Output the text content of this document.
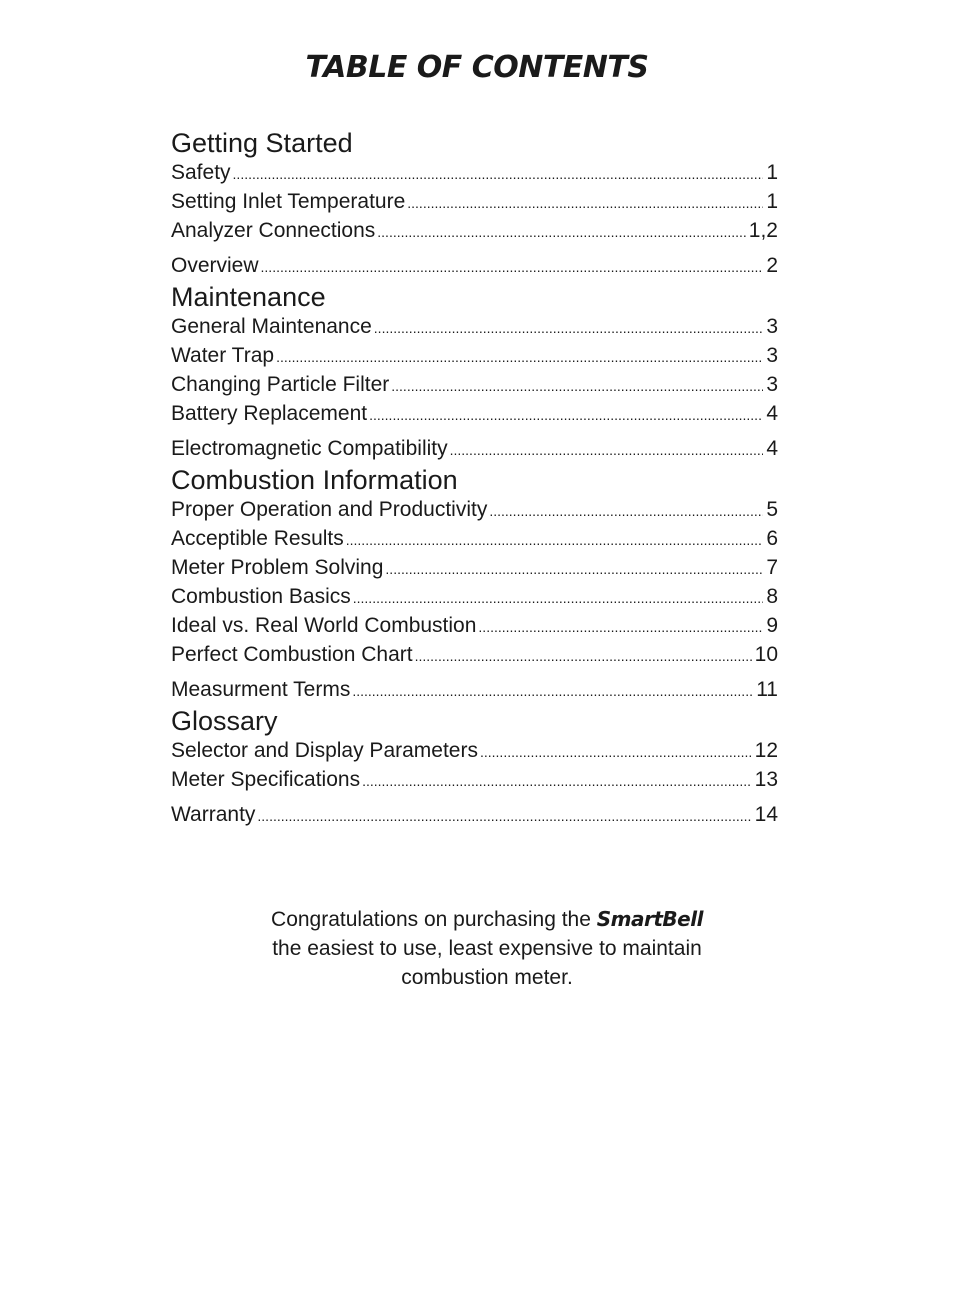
TABLE OF CONTENTS
Getting Started
Safety .....	1
Setting Inlet Temperature .....	1
Analyzer Connections .....	1,2
Overview .....	2
Maintenance
General Maintenance .....	3
Water Trap .....	3
Changing Particle Filter .....	3
Battery Replacement .....	4
Electromagnetic Compatibility .....	4
Combustion Information
Proper Operation and Productivity .....	5
Acceptible Results .....	6
Meter Problem Solving .....	7
Combustion Basics .....	8
Ideal vs. Real World Combustion .....	9
Perfect Combustion Chart .....	10
Measurment Terms .....	11
Glossary
Selector and Display Parameters .....	12
Meter Specifications .....	13
Warranty .....	14
Congratulations on purchasing the SmartBell
the easiest to use, least expensive to maintain
combustion meter.
